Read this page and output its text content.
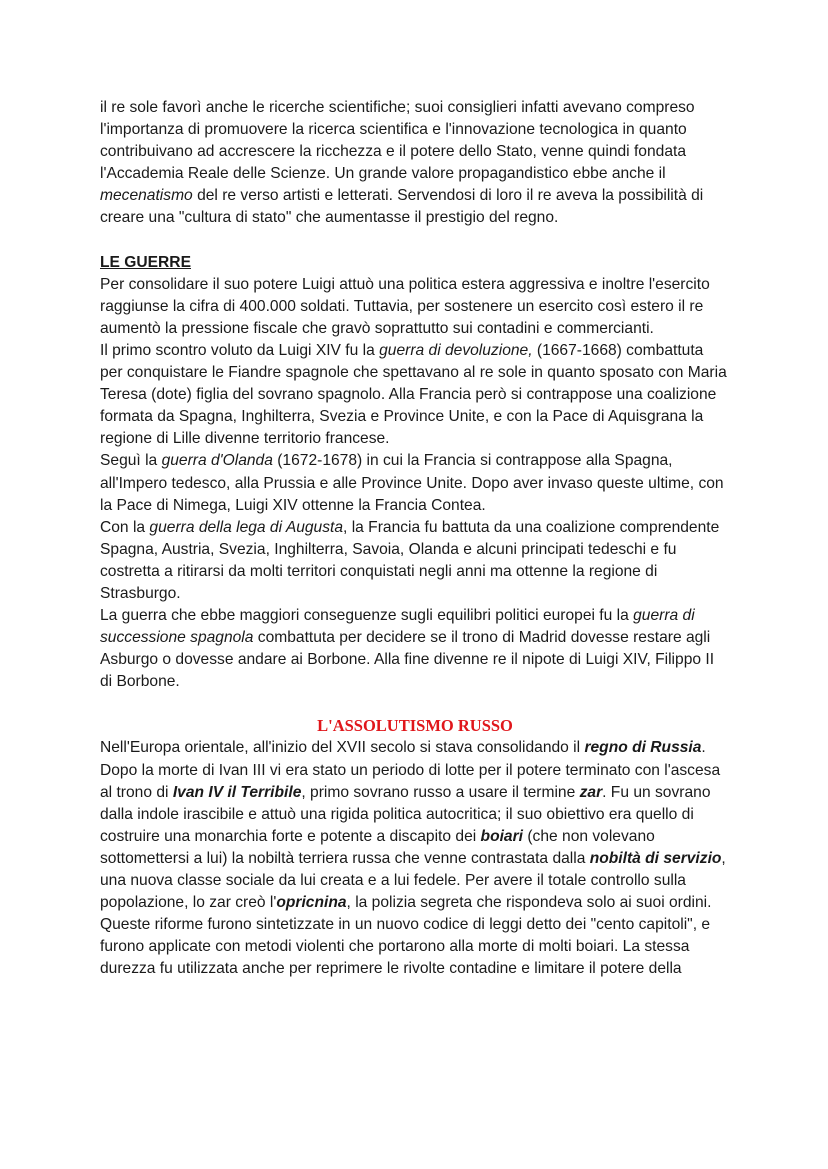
il re sole favorì anche le ricerche scientifiche; suoi consiglieri infatti avevano compreso l'importanza di promuovere la ricerca scientifica e l'innovazione tecnologica in quanto contribuivano ad accrescere la ricchezza e il potere dello Stato, venne quindi fondata l'Accademia Reale delle Scienze. Un grande valore propagandistico ebbe anche il mecenatismo del re verso artisti e letterati. Servendosi di loro il re aveva la possibilità di creare una "cultura di stato" che aumentasse il prestigio del regno.

LE GUERRE

Per consolidare il suo potere Luigi attuò una politica estera aggressiva e inoltre l'esercito raggiunse la cifra di 400.000 soldati. Tuttavia, per sostenere un esercito così estero il re aumentò la pressione fiscale che gravò soprattutto sui contadini e commercianti.

Il primo scontro voluto da Luigi XIV fu la guerra di devoluzione, (1667-1668) combattuta per conquistare le Fiandre spagnole che spettavano al re sole in quanto sposato con Maria Teresa (dote) figlia del sovrano spagnolo. Alla Francia però si contrappose una coalizione formata da Spagna, Inghilterra, Svezia e Province Unite, e con la Pace di Aquisgrana la regione di Lille divenne territorio francese.

Seguì la guerra d'Olanda (1672-1678) in cui la Francia si contrappose alla Spagna, all'Impero tedesco, alla Prussia e alle Province Unite. Dopo aver invaso queste ultime, con la Pace di Nimega, Luigi XIV ottenne la Francia Contea.

Con la guerra della lega di Augusta, la Francia fu battuta da una coalizione comprendente Spagna, Austria, Svezia, Inghilterra, Savoia, Olanda e alcuni principati tedeschi e fu costretta a ritirarsi da molti territori conquistati negli anni ma ottenne la regione di Strasburgo.

La guerra che ebbe maggiori conseguenze sugli equilibri politici europei fu la guerra di successione spagnola combattuta per decidere se il trono di Madrid dovesse restare agli Asburgo o dovesse andare ai Borbone. Alla fine divenne re il nipote di Luigi XIV, Filippo II di Borbone.

L'ASSOLUTISMO RUSSO

Nell'Europa orientale, all'inizio del XVII secolo si stava consolidando il regno di Russia. Dopo la morte di Ivan III vi era stato un periodo di lotte per il potere terminato con l'ascesa al trono di Ivan IV il Terribile, primo sovrano russo a usare il termine zar. Fu un sovrano dalla indole irascibile e attuò una rigida politica autocritica; il suo obiettivo era quello di costruire una monarchia forte e potente a discapito dei boiari (che non volevano sottomettersi a lui) la nobiltà terriera russa che venne contrastata dalla nobiltà di servizio, una nuova classe sociale da lui creata e a lui fedele. Per avere il totale controllo sulla popolazione, lo zar creò l'opricnina, la polizia segreta che rispondeva solo ai suoi ordini. Queste riforme furono sintetizzate in un nuovo codice di leggi detto dei "cento capitoli", e furono applicate con metodi violenti che portarono alla morte di molti boiari. La stessa durezza fu utilizzata anche per reprimere le rivolte contadine e limitare il potere della
